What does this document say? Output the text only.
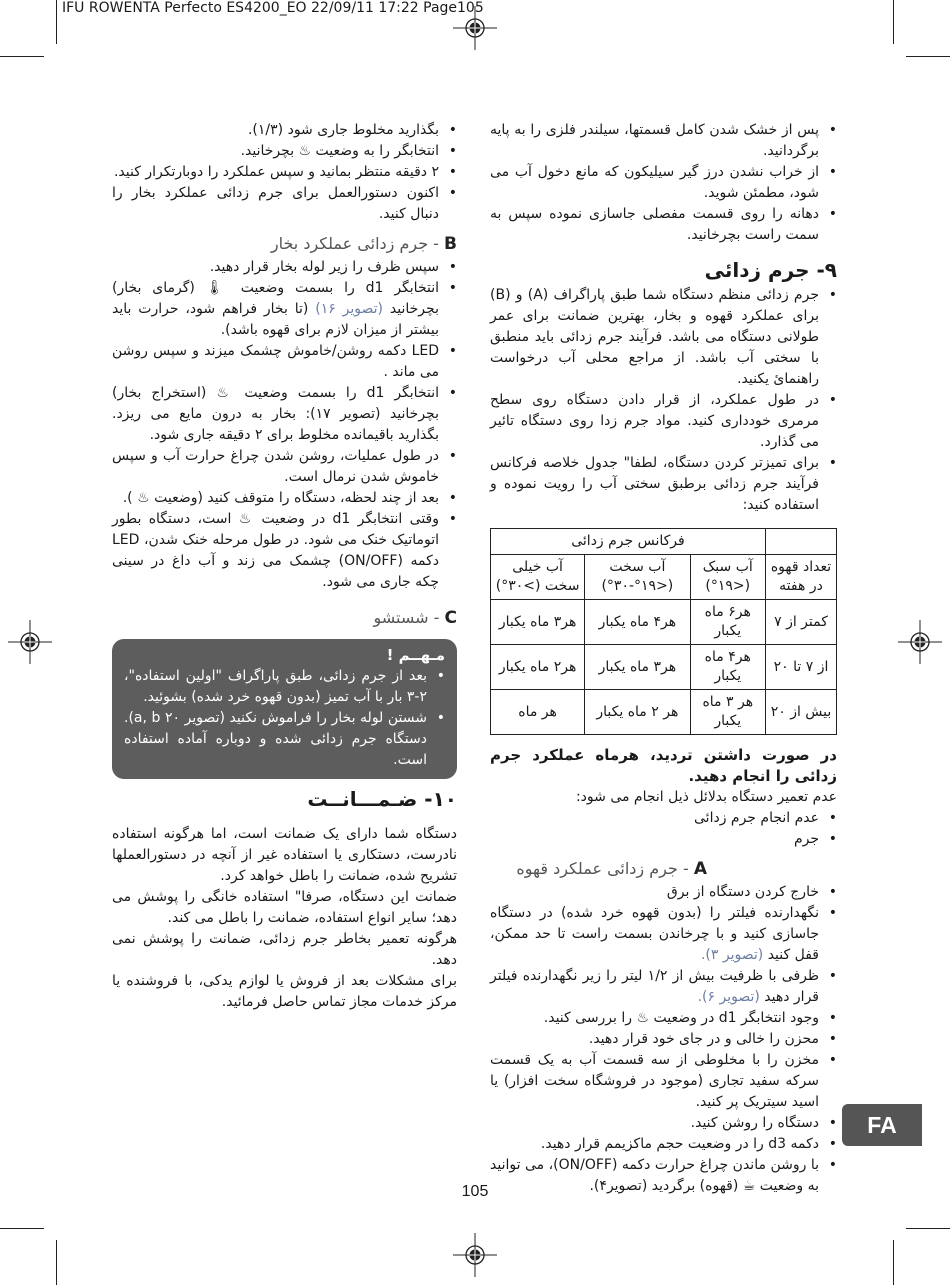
IFU ROWENTA Perfecto ES4200_EO 22/09/11 17:22 Page105
• پس از خشک شدن کامل قسمتها، سیلندر فلزی را به پایه برگردانید.
• از خراب نشدن درز گیر سیلیکون که مانع دخول آب می شود، مطمئن شوید.
• دهانه را روی قسمت مفصلی جاسازی نموده سپس به سمت راست بچرخانید.
۹- جرم زدائی
• جرم زدائی منظم دستگاه شما طبق پاراگراف (A) و (B) برای عملکرد قهوه و بخار، بهترین ضمانت برای عمر طولانی دستگاه می باشد. فرآیند جرم زدائی باید منطبق با سختی آب باشد. از مراجع محلی آب درخواست راهنمائ یکنید.
• در طول عملکرد، از قرار دادن دستگاه روی سطح مرمری خودداری کنید. مواد جرم زدا روی دستگاه تائیر می گذارد.
• برای تمیزتر کردن دستگاه، لطفا" جدول خلاصه فرکانس فرآیند جرم زدائی برطبق سختی آب را رویت نموده و استفاده کنید:
	فرکانس جرم زدائی		
تعداد قهوه در هفته	آب سبک (<۱۹°)	آب سخت (<۱۹°-۳۰°)	آب خیلی سخت (>۳۰°)
کمتر از ۷	هر۶ ماه یکبار	هر۴ ماه یکبار	هر۳ ماه یکبار
از ۷ تا ۲۰	هر۴ ماه یکبار	هر۳ ماه یکبار	هر۲ ماه یکبار
بیش از ۲۰	هر ۳ ماه یکبار	هر ۲ ماه یکبار	هر ماه

در صورت داشتن تردید، هرماه عملکرد جرم زدائی را انجام دهید.

عدم تعمیر دستگاه بدلائل ذیل انجام می شود:

• عدم انجام جرم زدائی
• جرم
A - جرم زدائی عملکرد قهوه
• خارج کردن دستگاه از برق
• نگهدارنده فیلتر را (بدون قهوه خرد شده) در دستگاه جاسازی کنید و با چرخاندن بسمت راست تا حد ممکن، قفل کنید (تصویر ۳).
• ظرفی با ظرفیت بیش از ۱/۲ لیتر را زیر نگهدارنده فیلتر قرار دهید (تصویر ۶).
• وجود انتخابگر d1 در وضعیت ♨ را بررسی کنید.
• محزن را خالی و در جای خود قرار دهید.
• مخزن را با مخلوطی از سه قسمت آب به یک قسمت سرکه سفید تجاری (موجود در فروشگاه سخت افزار) یا اسید سیتریک پر کنید.
• دستگاه را روشن کنید.
• دکمه d3 را در وضعیت حجم ماکزیمم قرار دهید.
• با روشن ماندن چراغ حرارت دکمه (ON/OFF)، می توانید به وضعیت ☕ (قهوه) برگردید (تصویر۴).
• بگذارید مخلوط جاری شود (۱/۳).
• انتخابگر را به وضعیت ♨ بچرخانید.
• ۲ دقیقه منتظر بمانید و سپس عملکرد را دوبارتکرار کنید.
• اکنون دستورالعمل برای جرم زدائی عملکرد بخار را دنبال کنید.
B - جرم زدائی عملکرد بخار
• سپس ظرف را زیر لوله بخار قرار دهید.
• انتخابگر d1 را بسمت وضعیت 🌡 (گرمای بخار) بچرخانید (تصویر ۱۶) (تا بخار فراهم شود، حرارت باید بیشتر از میزان لازم برای قهوه باشد).
• LED دکمه روشن/خاموش چشمک میزند و سپس روشن می ماند .
• انتخابگر d1 را بسمت وضعیت ♨ (استخراج بخار) بچرخانید (تصویر ۱۷): بخار به درون مایع می ریزد. بگذارید باقیمانده مخلوط برای ۲ دقیقه جاری شود.
• در طول عملیات، روشن شدن چراغ حرارت آب و سپس خاموش شدن نرمال است.
• بعد از چند لحظه، دستگاه را متوقف کنید (وضعیت ♨ ).
• وقتی انتخابگر d1 در وضعیت ♨ است، دستگاه بطور اتوماتیک خنک می شود. در طول مرحله خنک شدن، LED دکمه (ON/OFF) چشمک می زند و آب داغ در سینی چکه جاری می شود.
C - شستشو
مـهــم !
• بعد از جرم زدائی، طبق پاراگراف "اولین استفاده"، ۲-۳ بار با آب تمیز (بدون قهوه خرد شده) بشوئید.
• شستن لوله بخار را فراموش نکنید (تصویر a, b ۲۰). دستگاه جرم زدائی شده و دوباره آماده استفاده است.
۱۰- ضـمـــانــت

دستگاه شما دارای یک ضمانت است، اما هرگونه استفاده نادرست، دستکاری یا استفاده غیر از آنچه در دستورالعملها تشریح شده، ضمانت را باطل خواهد کرد.

ضمانت این دستگاه، صرفا" استفاده خانگی را پوشش می دهد؛ سایر انواع استفاده، ضمانت را باطل می کند.

هرگونه تعمیر بخاطر جرم زدائی، ضمانت را پوشش نمی دهد.

برای مشکلات بعد از فروش یا لوازم یدکی، با فروشنده یا مرکز خدمات مجاز تماس حاصل فرمائید.

FA
105
